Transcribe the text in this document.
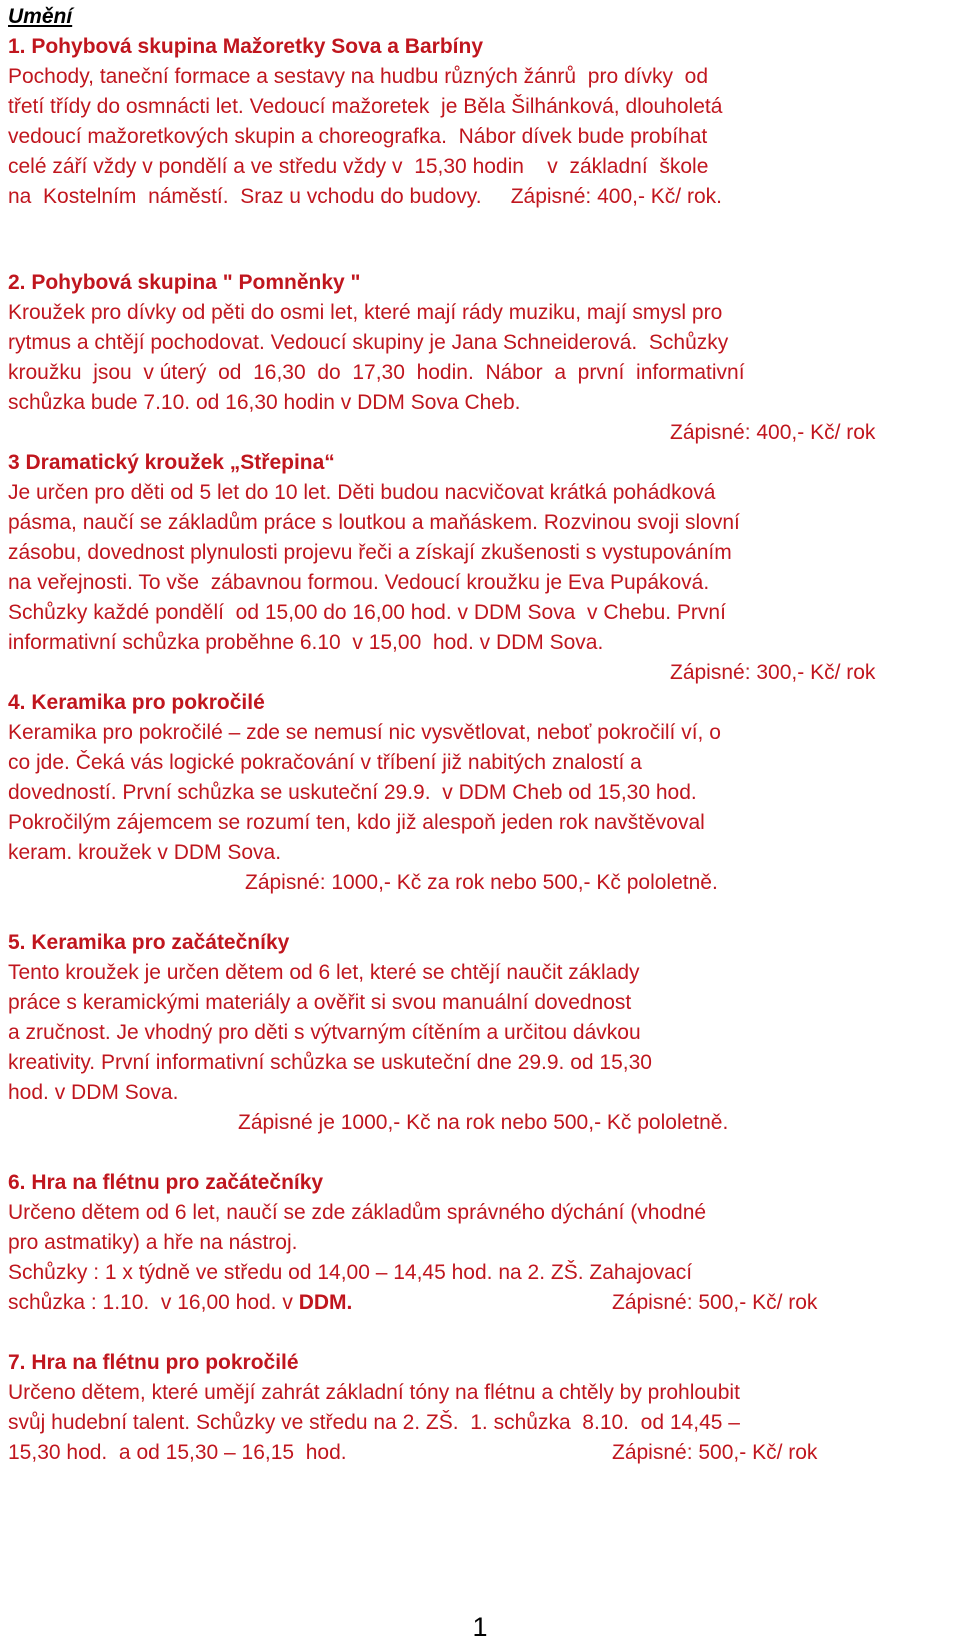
Umění
1. Pohybová skupina Mažoretky Sova a Barbíny
Pochody, taneční formace a sestavy na hudbu různých žánrů  pro dívky  od
třetí třídy do osmnácti let. Vedoucí mažoretek  je Běla Šilhánková, dlouholetá
vedoucí mažoretkových skupin a choreografka.  Nábor dívek bude probíhat
celé září vždy v pondělí a ve středu vždy v  15,30 hodin    v  základní  škole
na  Kostelním  náměstí.  Sraz u vchodu do budovy.     Zápisné: 400,- Kč/ rok.
2. Pohybová skupina " Pomněnky "
Kroužek pro dívky od pěti do osmi let, které mají rády muziku, mají smysl pro
rytmus a chtějí pochodovat. Vedoucí skupiny je Jana Schneiderová.  Schůzky
kroužku  jsou  v úterý  od  16,30  do  17,30  hodin.  Nábor  a  první  informativní
schůzka bude 7.10. od 16,30 hodin v DDM Sova Cheb.
Zápisné: 400,- Kč/ rok
3 Dramatický kroužek „Střepina“
Je určen pro děti od 5 let do 10 let. Děti budou nacvičovat krátká pohádková
pásma, naučí se základům práce s loutkou a maňáskem. Rozvinou svoji slovní
zásobu, dovednost plynulosti projevu řeči a získají zkušenosti s vystupováním
na veřejnosti. To vše  zábavnou formou. Vedoucí kroužku je Eva Pupáková.
Schůzky každé pondělí  od 15,00 do 16,00 hod. v DDM Sova  v Chebu. První
informativní schůzka proběhne 6.10  v 15,00  hod. v DDM Sova.
Zápisné: 300,- Kč/ rok
4. Keramika pro pokročilé
Keramika pro pokročilé – zde se nemusí nic vysvětlovat, neboť pokročilí ví, o
co jde. Čeká vás logické pokračování v tříbení již nabitých znalostí a
dovedností. První schůzka se uskuteční 29.9.  v DDM Cheb od 15,30 hod.
Pokročilým zájemcem se rozumí ten, kdo již alespoň jeden rok navštěvoval
keram. kroužek v DDM Sova.
Zápisné: 1000,- Kč za rok nebo 500,- Kč pololetně.
5. Keramika pro začátečníky
Tento kroužek je určen dětem od 6 let, které se chtějí naučit základy
práce s keramickými materiály a ověřit si svou manuální dovednost
a zručnost. Je vhodný pro děti s výtvarným cítěním a určitou dávkou
kreativity. První informativní schůzka se uskuteční dne 29.9. od 15,30
hod. v DDM Sova.
Zápisné je 1000,- Kč na rok nebo 500,- Kč pololetně.
6. Hra na flétnu pro začátečníky
Určeno dětem od 6 let, naučí se zde základům správného dýchání (vhodné
pro astmatiky) a hře na nástroj.
Schůzky : 1 x týdně ve středu od 14,00 – 14,45 hod. na 2. ZŠ. Zahajovací
schůzka : 1.10.  v 16,00 hod. v DDM.	Zápisné: 500,- Kč/ rok
7. Hra na flétnu pro pokročilé
Určeno dětem, které umějí zahrát základní tóny na flétnu a chtěly by prohloubit
svůj hudební talent. Schůzky ve středu na 2. ZŠ.  1. schůzka  8.10.  od 14,45 –
15,30 hod.  a od 15,30 – 16,15  hod.	Zápisné: 500,- Kč/ rok
1
